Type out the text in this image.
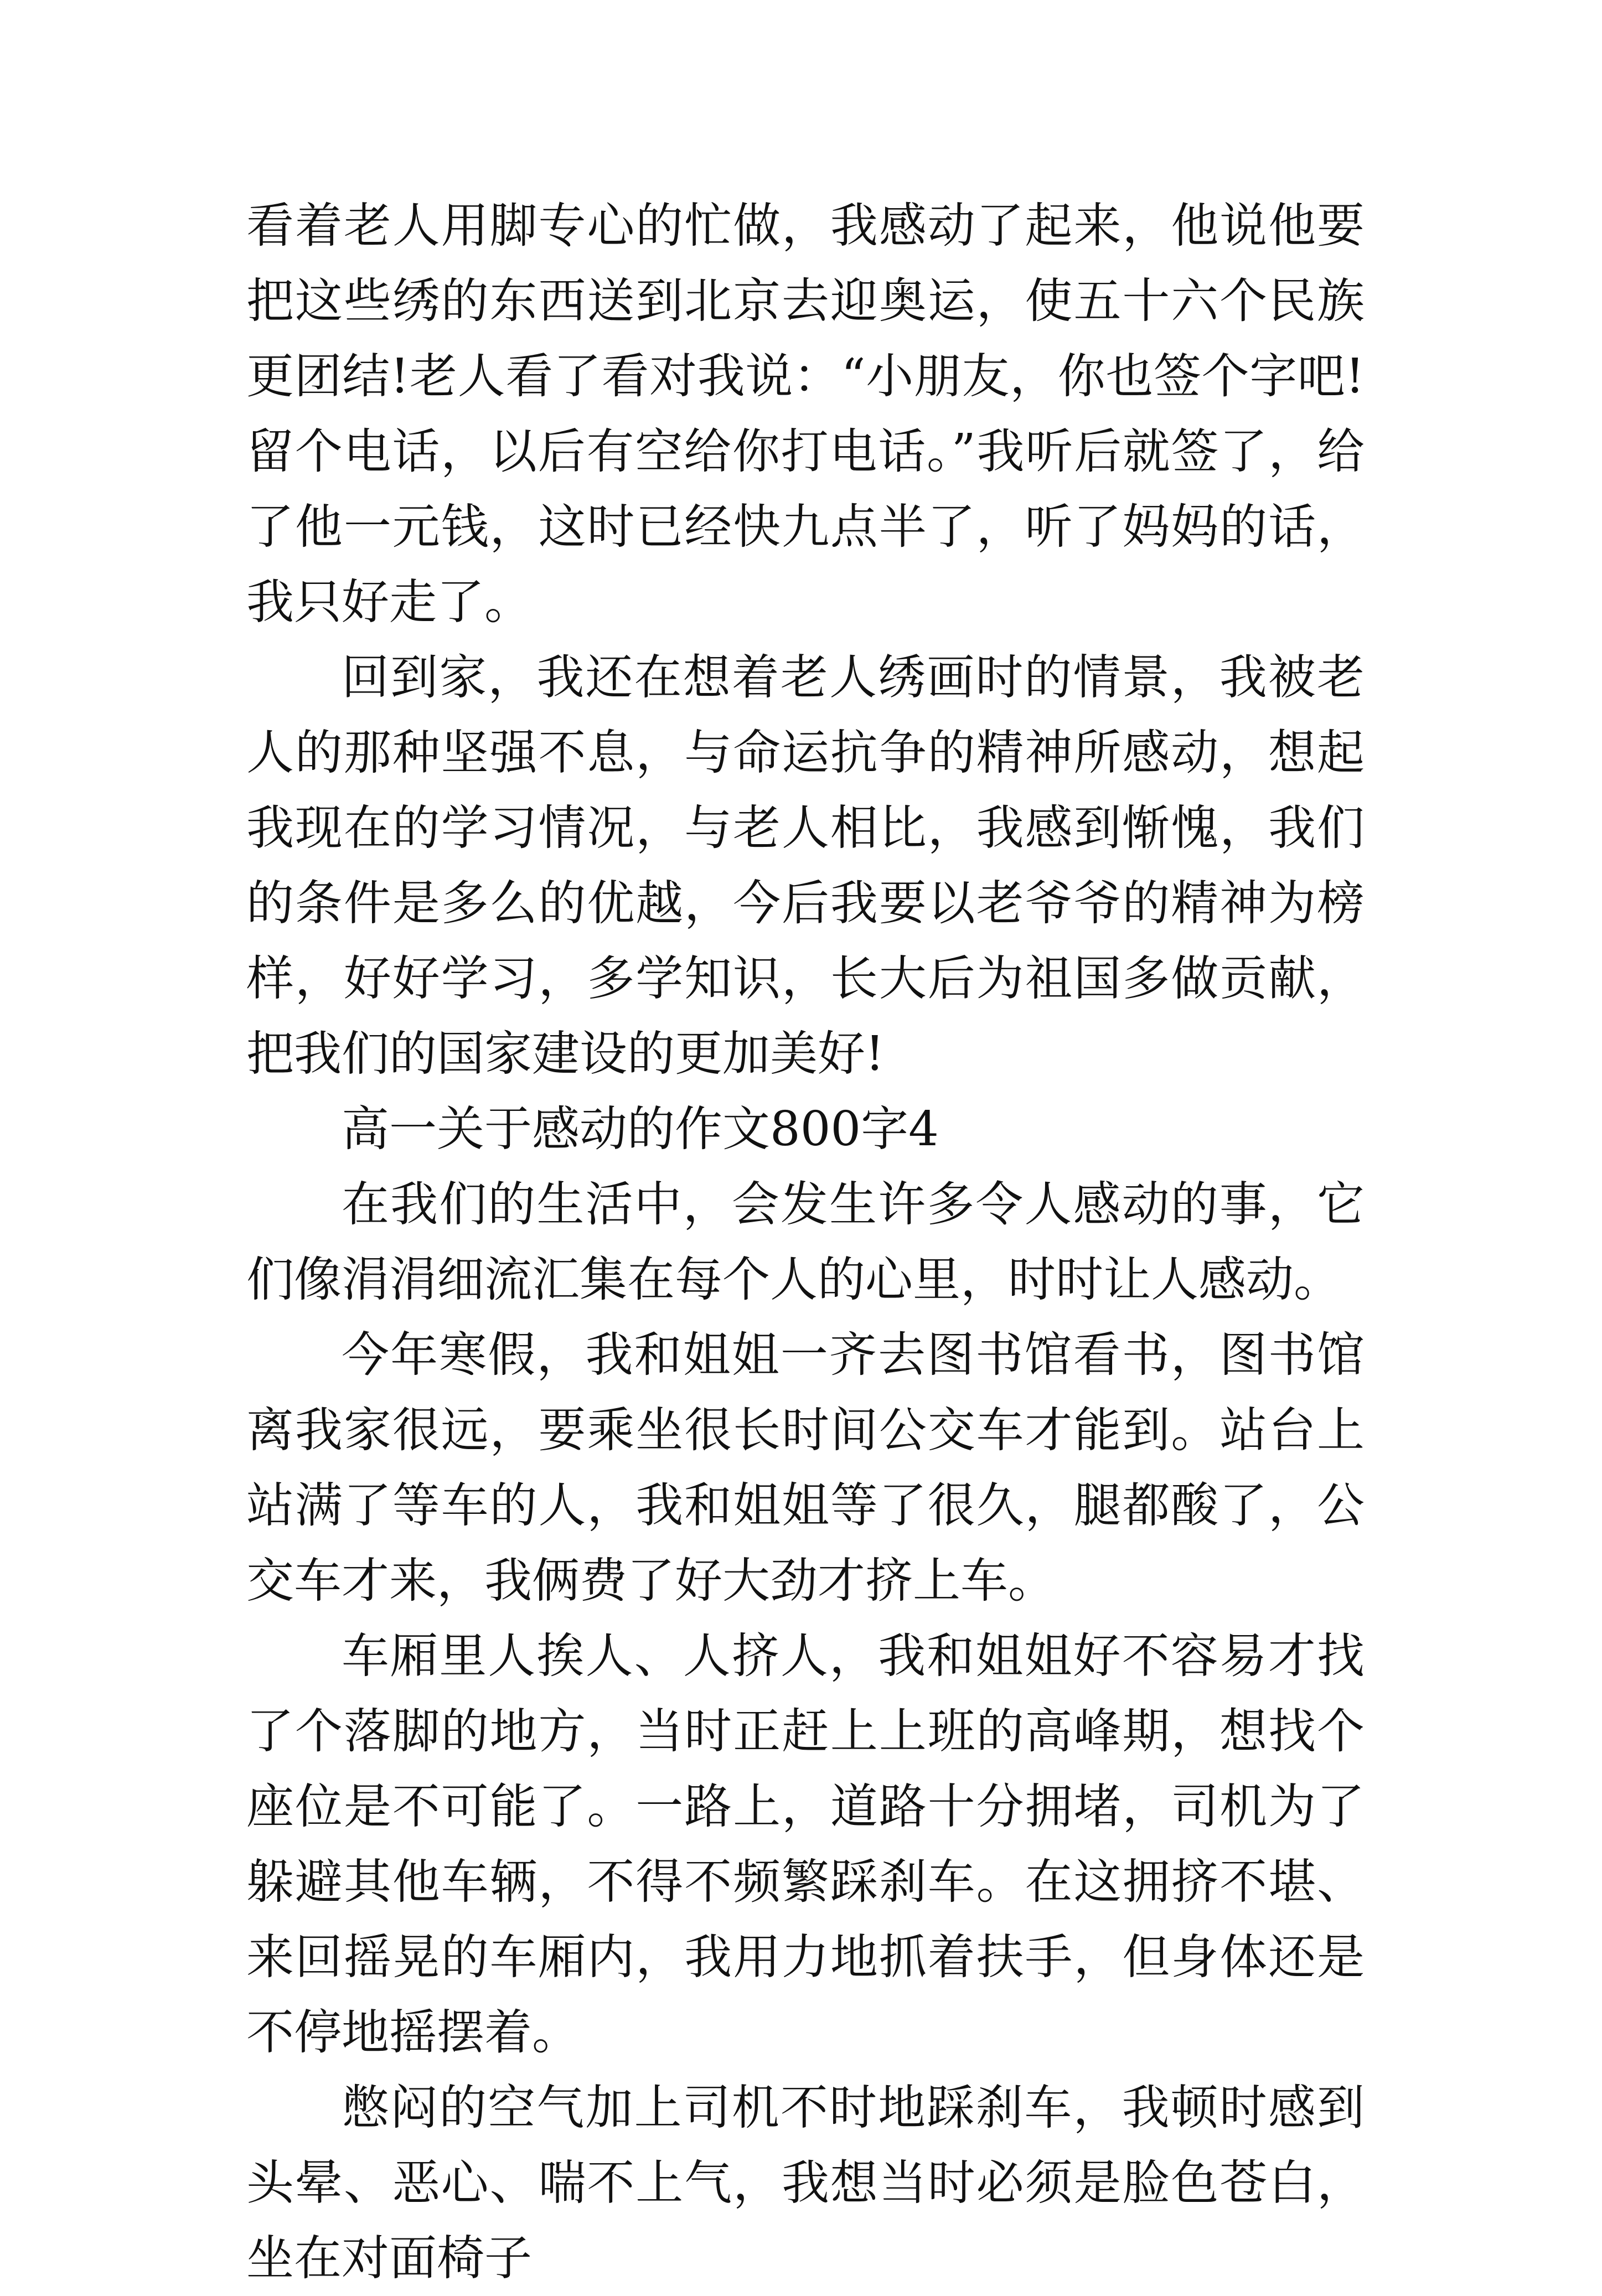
看着老人用脚专心的忙做，我感动了起来，他说他要把这些绣的东西送到北京去迎奥运，使五十六个民族更团结!老人看了看对我说：“小朋友，你也签个字吧!留个电话，以后有空给你打电话。”我听后就签了，给了他一元钱，这时已经快九点半了，听了妈妈的话，我只好走了。

回到家，我还在想着老人绣画时的情景，我被老人的那种坚强不息，与命运抗争的精神所感动，想起我现在的学习情况，与老人相比，我感到惭愧，我们的条件是多么的优越，今后我要以老爷爷的精神为榜样，好好学习，多学知识，长大后为祖国多做贡献，把我们的国家建设的更加美好!

高一关于感动的作文800字4

在我们的生活中，会发生许多令人感动的事，它们像涓涓细流汇集在每个人的心里，时时让人感动。

今年寒假，我和姐姐一齐去图书馆看书，图书馆离我家很远，要乘坐很长时间公交车才能到。站台上站满了等车的人，我和姐姐等了很久，腿都酸了，公交车才来，我俩费了好大劲才挤上车。

车厢里人挨人、人挤人，我和姐姐好不容易才找了个落脚的地方，当时正赶上上班的高峰期，想找个座位是不可能了。一路上，道路十分拥堵，司机为了躲避其他车辆，不得不频繁踩刹车。在这拥挤不堪、来回摇晃的车厢内，我用力地抓着扶手，但身体还是不停地摇摆着。

憋闷的空气加上司机不时地踩刹车，我顿时感到头晕、恶心、喘不上气，我想当时必须是脸色苍白，坐在对面椅子
